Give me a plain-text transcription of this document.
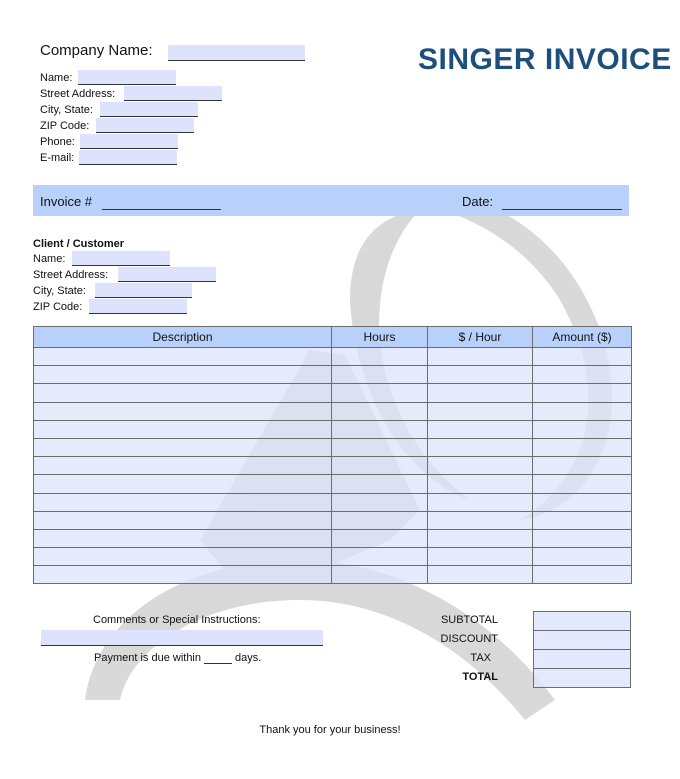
Company Name:	SINGER INVOICE
Name:
Street Address:
City, State:
ZIP Code:
Phone:
E-mail:
Invoice #	Date:
Client / Customer
Name:
Street Address:
City, State:
ZIP Code:
Description	Hours	$ / Hour	Amount ($)

Comments or Special Instructions:
Payment is due within	days.
SUBTOTAL
DISCOUNT
TAX
TOTAL
Thank you for your business!
